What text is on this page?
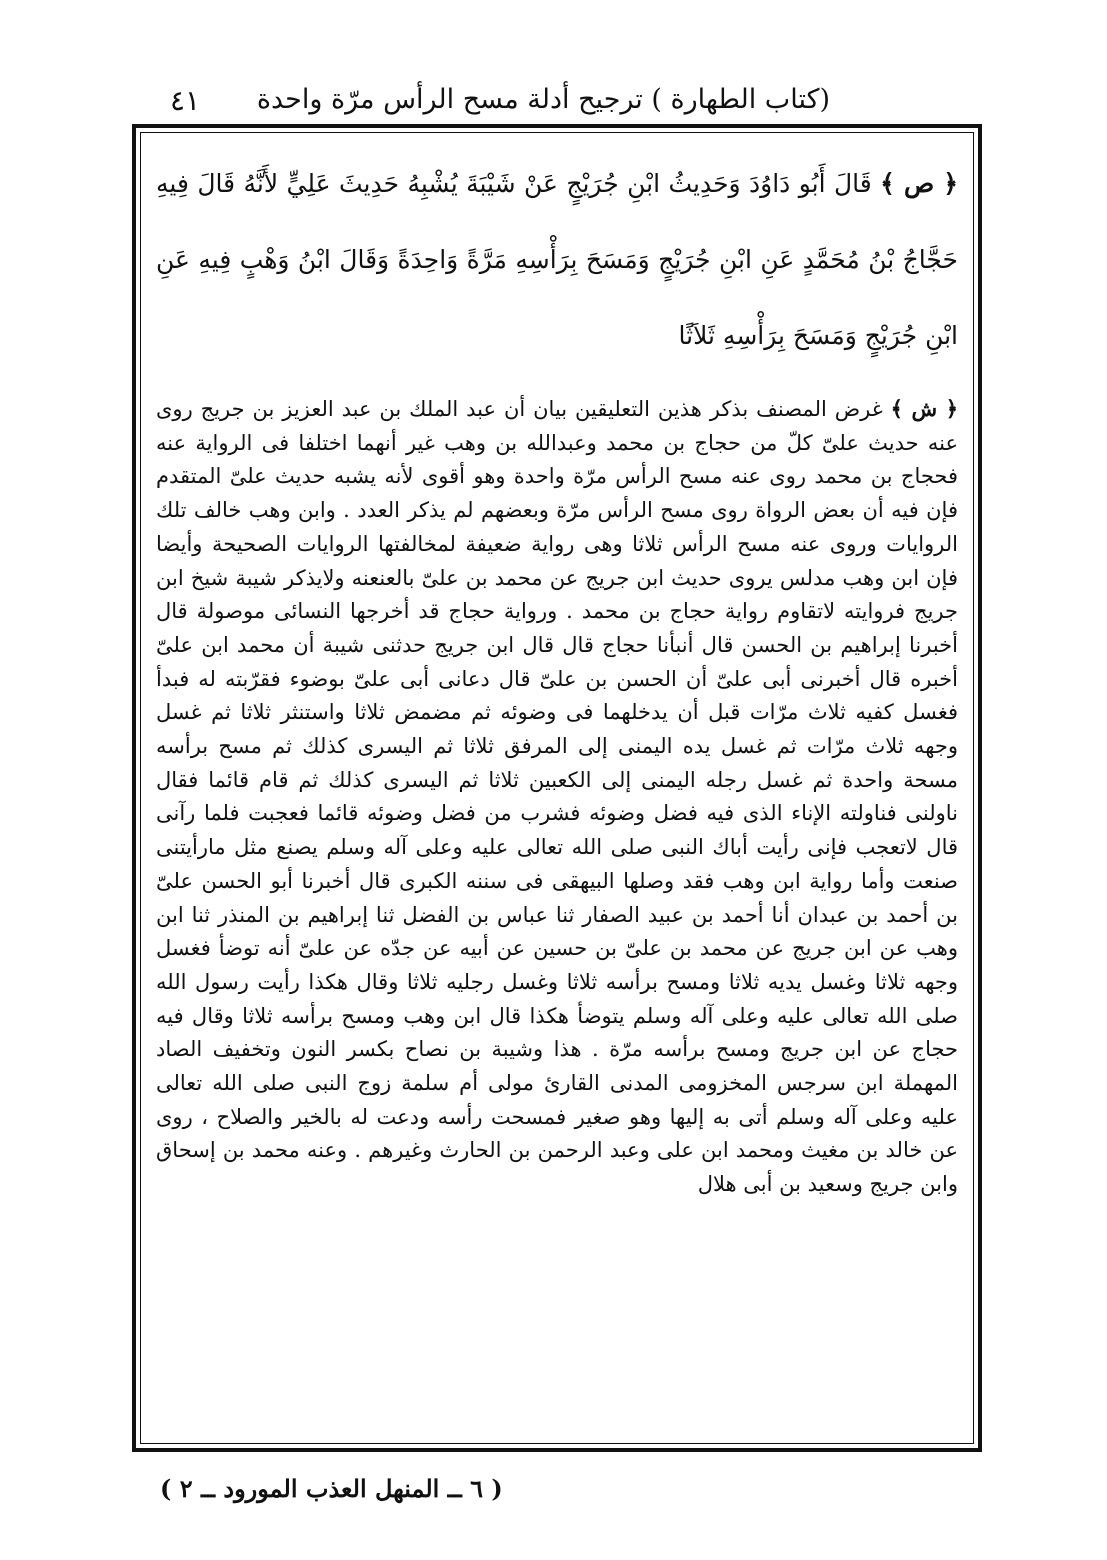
(كتاب الطهارة ) ترجيح أدلة مسح الرأس مرّة واحدة
٤١

﴿ ص ﴾ قَالَ أَبُو دَاوُدَ وَحَدِيثُ ابْنِ جُرَيْجٍ عَنْ شَيْبَةَ يُشْبِهُ حَدِيثَ عَلِيٍّ لأَنَّهُ قَالَ فِيهِ حَجَّاجُ بْنُ مُحَمَّدٍ عَنِ ابْنِ جُرَيْجٍ وَمَسَحَ بِرَأْسِهِ مَرَّةً وَاحِدَةً وَقَالَ ابْنُ وَهْبٍ فِيهِ عَنِ ابْنِ جُرَيْجٍ وَمَسَحَ بِرَأْسِهِ ثَلاَثًا

﴿ ش ﴾ غرض المصنف بذكر هذين التعليقين بيان أن عبد الملك بن عبد العزيز بن جريج روى عنه حديث علىّ كلّ من حجاج بن محمد وعبدالله بن وهب غير أنهما اختلفا فى الرواية عنه فحجاج بن محمد روى عنه مسح الرأس مرّة واحدة وهو أقوى لأنه يشبه حديث علىّ المتقدم فإن فيه أن بعض الرواة روى مسح الرأس مرّة وبعضهم لم يذكر العدد . وابن وهب خالف تلك الروايات وروى عنه مسح الرأس ثلاثا وهى رواية ضعيفة لمخالفتها الروايات الصحيحة وأيضا فإن ابن وهب مدلس يروى حديث ابن جريج عن محمد بن علىّ بالعنعنه ولايذكر شيبة شيخ ابن جريج فروايته لاتقاوم رواية حجاج بن محمد . ورواية حجاج قد أخرجها النسائى موصولة قال أخبرنا إبراهيم بن الحسن قال أنبأنا حجاج قال قال ابن جريج حدثنى شيبة أن محمد ابن علىّ أخبره قال أخبرنى أبى علىّ أن الحسن بن علىّ قال دعانى أبى علىّ بوضوء فقرّبته له فبدأ فغسل كفيه ثلاث مرّات قبل أن يدخلهما فى وضوئه ثم مضمض ثلاثا واستنثر ثلاثا ثم غسل وجهه ثلاث مرّات ثم غسل يده اليمنى إلى المرفق ثلاثا ثم اليسرى كذلك ثم مسح برأسه مسحة واحدة ثم غسل رجله اليمنى إلى الكعبين ثلاثا ثم اليسرى كذلك ثم قام قائما فقال ناولنى فناولته الإناء الذى فيه فضل وضوئه فشرب من فضل وضوئه قائما فعجبت فلما رآنى قال لاتعجب فإنى رأيت أباك النبى صلى الله تعالى عليه وعلى آله وسلم يصنع مثل مارأيتنى صنعت وأما رواية ابن وهب فقد وصلها البيهقى فى سننه الكبرى قال أخبرنا أبو الحسن علىّ بن أحمد بن عبدان أنا أحمد بن عبيد الصفار ثنا عباس بن الفضل ثنا إبراهيم بن المنذر ثنا ابن وهب عن ابن جريج عن محمد بن علىّ بن حسين عن أبيه عن جدّه عن علىّ أنه توضأ فغسل وجهه ثلاثا وغسل يديه ثلاثا ومسح برأسه ثلاثا وغسل رجليه ثلاثا وقال هكذا رأيت رسول الله صلى الله تعالى عليه وعلى آله وسلم يتوضأ هكذا قال ابن وهب ومسح برأسه ثلاثا وقال فيه حجاج عن ابن جريج ومسح برأسه مرّة . هذا وشيبة بن نصاح بكسر النون وتخفيف الصاد المهملة ابن سرجس المخزومى المدنى القارئ مولى أم سلمة زوج النبى صلى الله تعالى عليه وعلى آله وسلم أتى به إليها وهو صغير فمسحت رأسه ودعت له بالخير والصلاح ، روى عن خالد بن مغيث ومحمد ابن على وعبد الرحمن بن الحارث وغيرهم . وعنه محمد بن إسحاق وابن جريج وسعيد بن أبى هلال

( ٦ ــ المنهل العذب المورود ــ ٢ )
